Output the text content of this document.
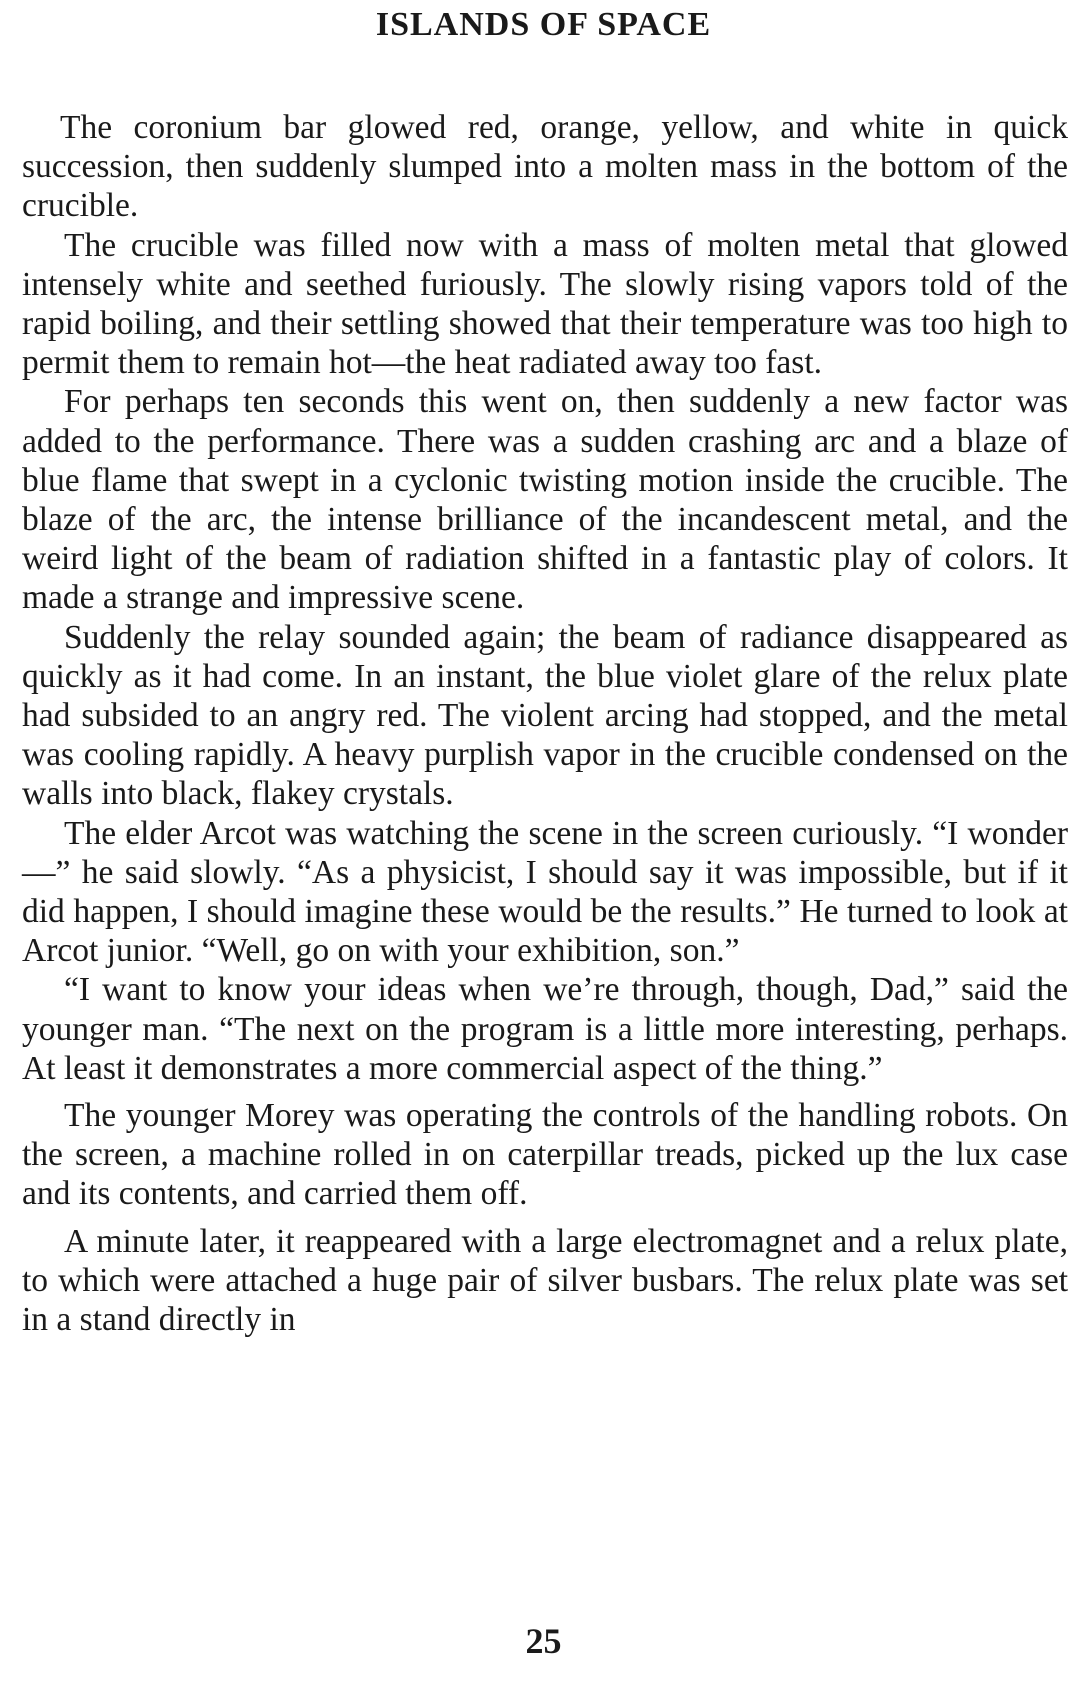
ISLANDS OF SPACE

The coronium bar glowed red, orange, yellow, and white in quick succession, then suddenly slumped into a molten mass in the bottom of the crucible.

The crucible was filled now with a mass of molten metal that glowed intensely white and seethed furiously. The slowly rising vapors told of the rapid boiling, and their settling showed that their temperature was too high to permit them to remain hot—the heat radiated away too fast.

For perhaps ten seconds this went on, then suddenly a new factor was added to the performance. There was a sudden crashing arc and a blaze of blue flame that swept in a cyclonic twisting motion inside the crucible. The blaze of the arc, the intense brilliance of the incandescent metal, and the weird light of the beam of radiation shifted in a fantastic play of colors. It made a strange and impressive scene.

Suddenly the relay sounded again; the beam of radiance disappeared as quickly as it had come. In an instant, the blue violet glare of the relux plate had subsided to an angry red. The violent arcing had stopped, and the metal was cooling rapidly. A heavy purplish vapor in the crucible condensed on the walls into black, flakey crystals.

The elder Arcot was watching the scene in the screen curiously. “I wonder—” he said slowly. “As a physicist, I should say it was impossible, but if it did happen, I should imagine these would be the results.” He turned to look at Arcot junior. “Well, go on with your exhibition, son.”

“I want to know your ideas when we’re through, though, Dad,” said the younger man. “The next on the program is a little more interesting, perhaps. At least it demonstrates a more commercial aspect of the thing.”

The younger Morey was operating the controls of the handling robots. On the screen, a machine rolled in on caterpillar treads, picked up the lux case and its contents, and carried them off.

A minute later, it reappeared with a large electromagnet and a relux plate, to which were attached a huge pair of silver busbars. The relux plate was set in a stand directly in

25
